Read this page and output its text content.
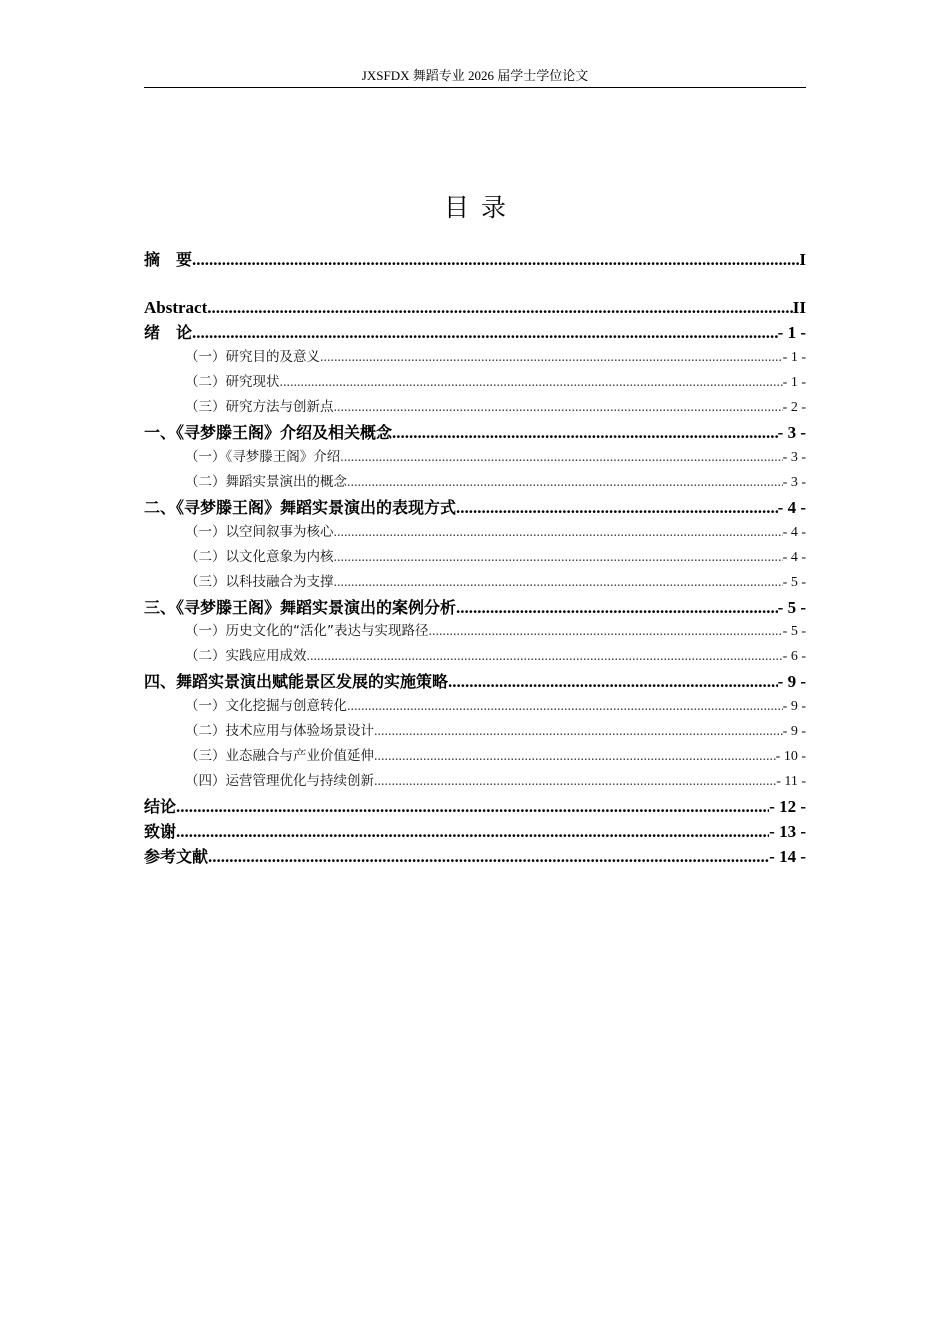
JXSFDX 舞蹈专业 2026 届学士学位论文
目录
摘　要 .....	I
Abstract .....	II
绪　论 .....	- 1 -
（一）研究目的及意义 .....	- 1 -
（二）研究现状 .....	- 1 -
（三）研究方法与创新点 .....	- 2 -
一、《寻梦滕王阁》介绍及相关概念 .....	- 3 -
（一）《寻梦滕王阁》介绍 .....	- 3 -
（二）舞蹈实景演出的概念 .....	- 3 -
二、《寻梦滕王阁》舞蹈实景演出的表现方式 .....	- 4 -
（一）以空间叙事为核心 .....	- 4 -
（二）以文化意象为内核 .....	- 4 -
（三）以科技融合为支撑 .....	- 5 -
三、《寻梦滕王阁》舞蹈实景演出的案例分析 .....	- 5 -
（一）历史文化的“活化”表达与实现路径 .....	- 5 -
（二）实践应用成效 .....	- 6 -
四、舞蹈实景演出赋能景区发展的实施策略 .....	- 9 -
（一）文化挖掘与创意转化 .....	- 9 -
（二）技术应用与体验场景设计 .....	- 9 -
（三）业态融合与产业价值延伸 .....	- 10 -
（四）运营管理优化与持续创新 .....	- 11 -
结论 .....	- 12 -
致谢 .....	- 13 -
参考文献 .....	- 14 -
